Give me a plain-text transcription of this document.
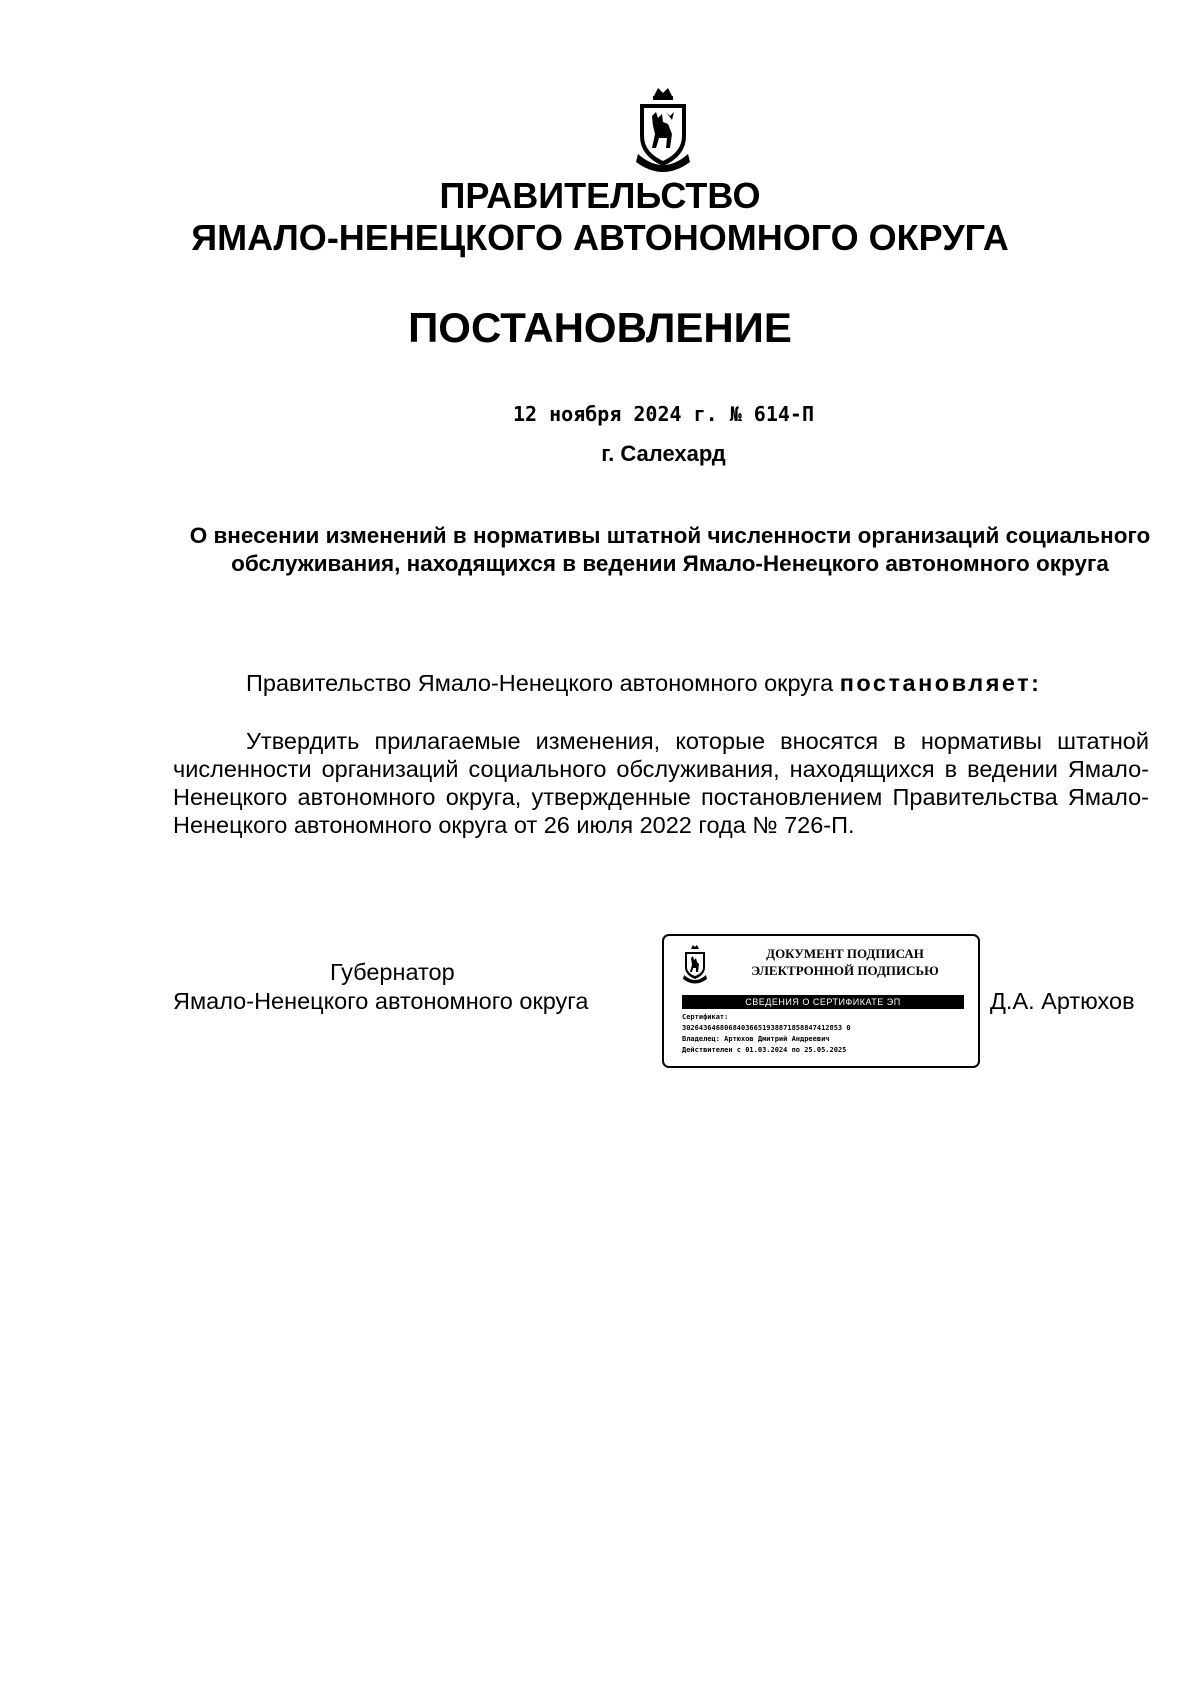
ПРАВИТЕЛЬСТВО
ЯМАЛО-НЕНЕЦКОГО АВТОНОМНОГО ОКРУГА
ПОСТАНОВЛЕНИЕ
12 ноября 2024 г. № 614-П
г. Салехард
О внесении изменений в нормативы штатной численности организаций социального обслуживания, находящихся в ведении Ямало-Ненецкого автономного округа
Правительство Ямало-Ненецкого автономного округа постановляет:
Утвердить прилагаемые изменения, которые вносятся в нормативы штатной численности организаций социального обслуживания, находящихся в ведении Ямало-Ненецкого автономного округа, утвержденные постановлением Правительства Ямало-Ненецкого автономного округа от 26 июля 2022 года № 726-П.
Губернатор
Ямало-Ненецкого автономного округа	Д.А. Артюхов
ДОКУМЕНТ ПОДПИСАН
ЭЛЕКТРОННОЙ ПОДПИСЬЮ
СВЕДЕНИЯ О СЕРТИФИКАТЕ ЭП
Сертификат:
30264364680684036651938871858847412853 0
Владелец: Артюхов Дмитрий Андреевич
Действителен с 01.03.2024 по 25.05.2025
